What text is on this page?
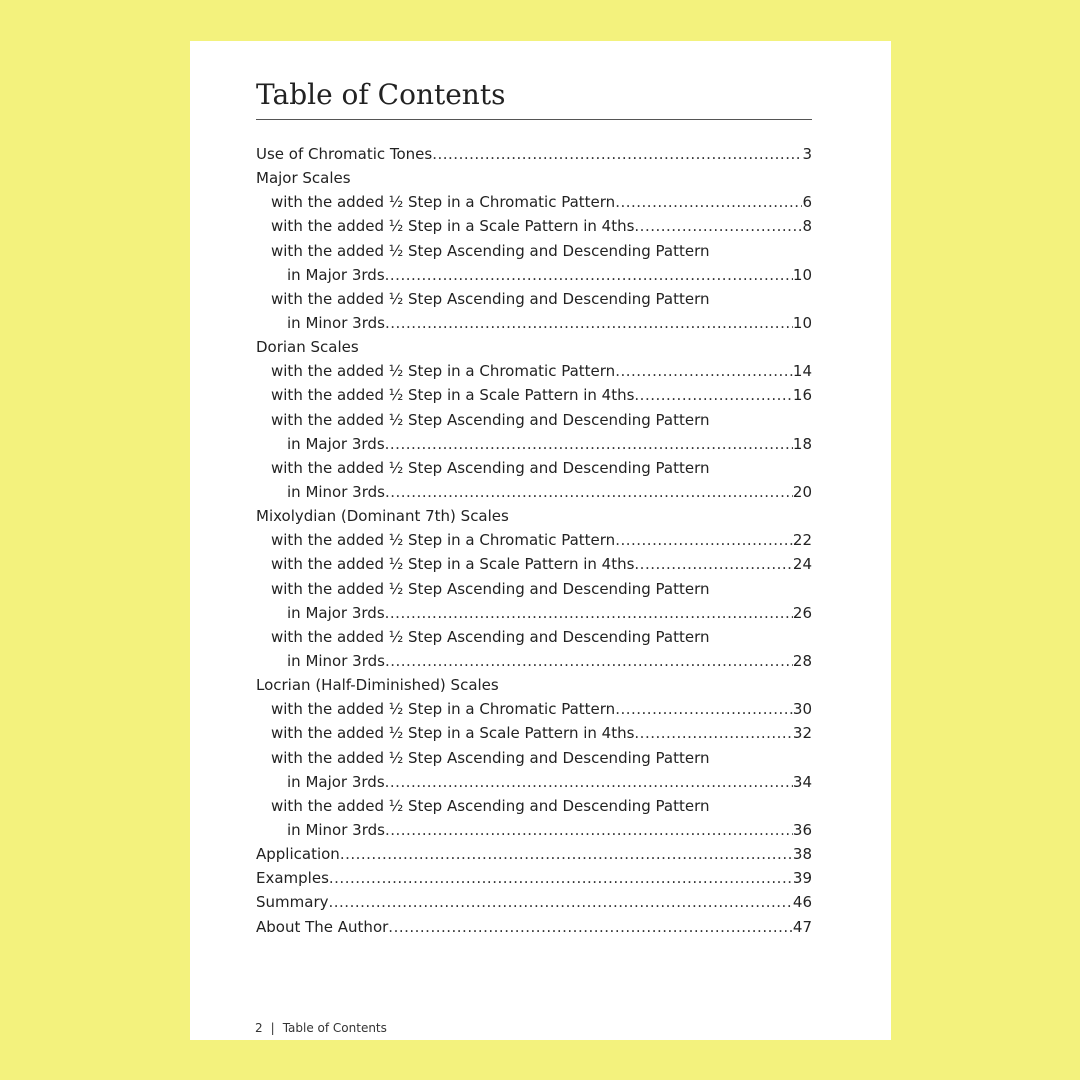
Table of Contents
Use of Chromatic Tones .....	3
Major Scales
with the added ½ Step in a Chromatic Pattern .....	6
with the added ½ Step in a Scale Pattern in 4ths .....	8
with the added ½ Step Ascending and Descending Pattern
in Major 3rds .....	10
with the added ½ Step Ascending and Descending Pattern
in Minor 3rds .....	10
Dorian Scales
with the added ½ Step in a Chromatic Pattern .....	14
with the added ½ Step in a Scale Pattern in 4ths .....	16
with the added ½ Step Ascending and Descending Pattern
in Major 3rds .....	18
with the added ½ Step Ascending and Descending Pattern
in Minor 3rds .....	20
Mixolydian (Dominant 7th) Scales
with the added ½ Step in a Chromatic Pattern .....	22
with the added ½ Step in a Scale Pattern in 4ths .....	24
with the added ½ Step Ascending and Descending Pattern
in Major 3rds .....	26
with the added ½ Step Ascending and Descending Pattern
in Minor 3rds .....	28
Locrian (Half-Diminished) Scales
with the added ½ Step in a Chromatic Pattern .....	30
with the added ½ Step in a Scale Pattern in 4ths .....	32
with the added ½ Step Ascending and Descending Pattern
in Major 3rds .....	34
with the added ½ Step Ascending and Descending Pattern
in Minor 3rds .....	36
Application .....	38
Examples .....	39
Summary .....	46
About The Author .....	47
2 | Table of Contents
